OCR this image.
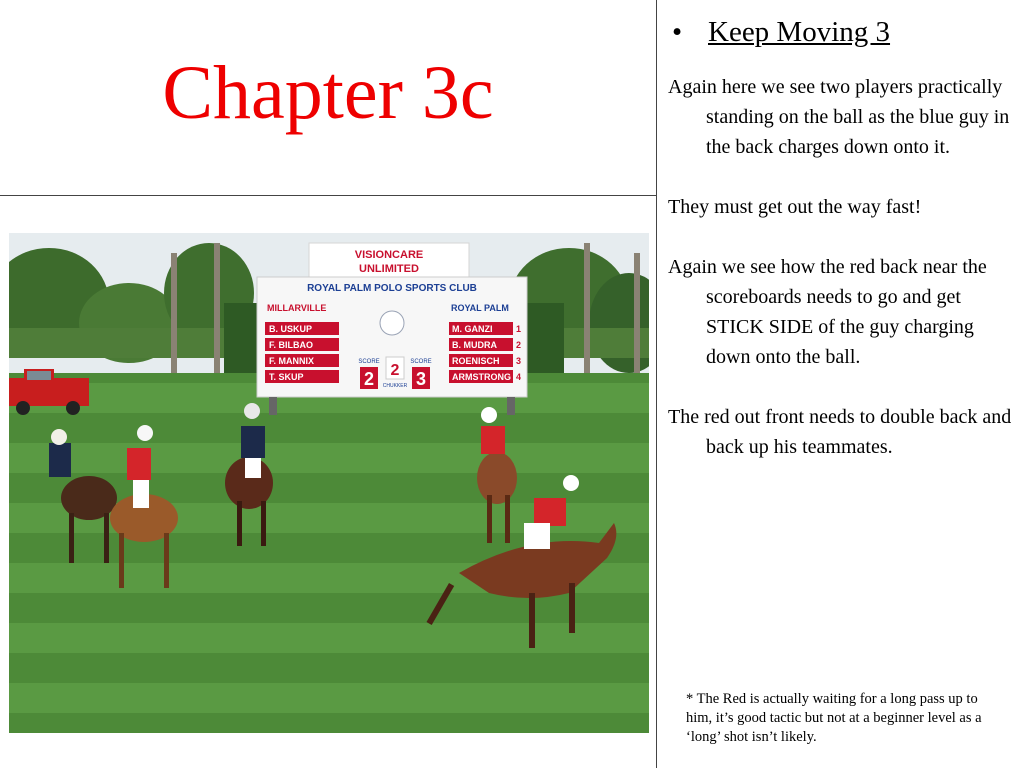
Chapter 3c
VISIONCARE
UNLIMITED
ROYAL PALM POLO SPORTS CLUB
MILLARVILLE	ROYAL PALM
B. USKUP
F. BILBAO
F. MANNIX
T. SKUP
M. GANZI
B. MUDRA
ROENISCH
ARMSTRONG
1
2
3
4
SCORE	SCORE
2 2
CHUKKER 3
• Keep Moving 3

Again here we see two players practically standing on the ball as the blue guy in the back charges down onto it.

They must get out the way fast!

Again we see how the red back near the scoreboards needs to go and get STICK SIDE of the guy charging down onto the ball.

The red out front needs to double back and back up his teammates.

* The Red is actually waiting for a long pass up to him, it’s good tactic but not at a beginner level as a ‘long’ shot isn’t likely.
